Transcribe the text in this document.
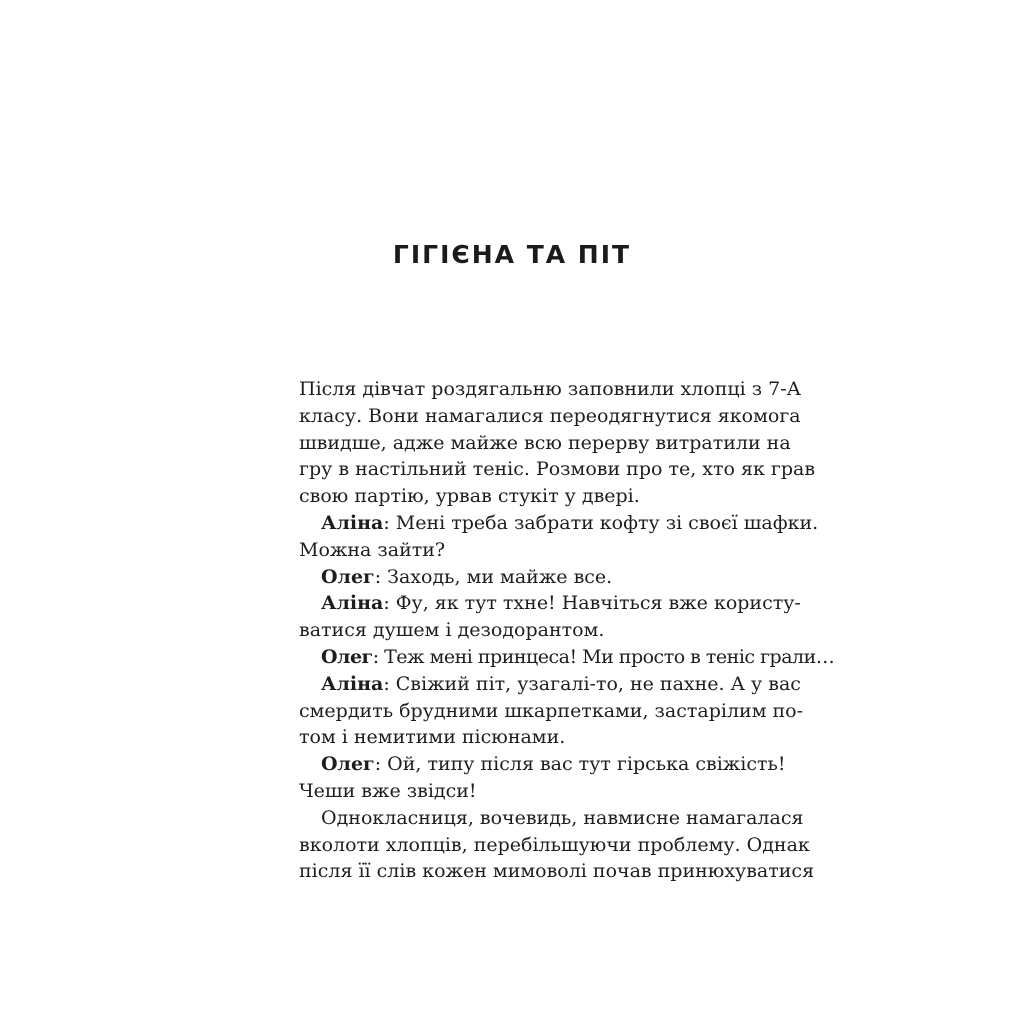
ГІГІЄНА ТА ПІТ
Після дівчат роздягальню заповнили хлопці з 7-А
класу. Вони намагалися переодягнутися якомога
швидше, адже майже всю перерву витратили на
гру в настільний теніс. Розмови про те, хто як грав
свою партію, урвав стукіт у двері.
Аліна: Мені треба забрати кофту зі своєї шафки.
Можна зайти?
Олег: Заходь, ми майже все.
Аліна: Фу, як тут тхне! Навчіться вже користу-
ватися душем і дезодорантом.
Олег: Теж мені принцеса! Ми просто в теніс грали…
Аліна: Свіжий піт, узагалі-то, не пахне. А у вас
смердить брудними шкарпетками, застарілим по-
том і немитими пісюнами.
Олег: Ой, типу після вас тут гірська свіжість!
Чеши вже звідси!
Однокласниця, вочевидь, навмисне намагалася
вколоти хлопців, перебільшуючи проблему. Однак
після її слів кожен мимоволі почав принюхуватися
